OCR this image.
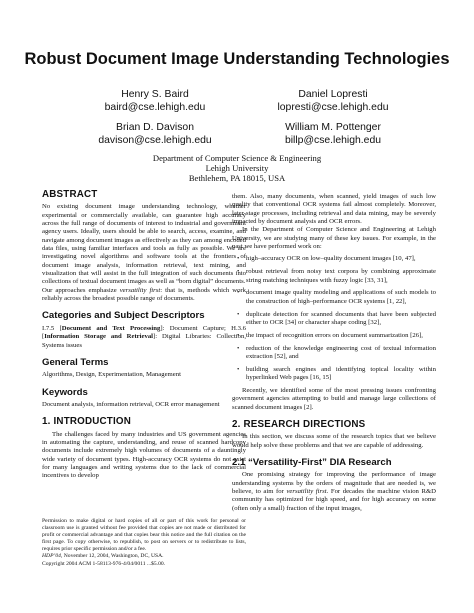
Robust Document Image Understanding Technologies
Henry S. Baird
baird@cse.lehigh.edu
Daniel Lopresti
lopresti@cse.lehigh.edu
Brian D. Davison
davison@cse.lehigh.edu
William M. Pottenger
billp@cse.lehigh.edu
Department of Computer Science & Engineering
Lehigh University
Bethlehem, PA 18015, USA
ABSTRACT

No existing document image understanding technology, whether experimental or commercially available, can guarantee high accuracy across the full range of documents of interest to industrial and government agency users. Ideally, users should be able to search, access, examine, and navigate among document images as effectively as they can among encoded data files, using familiar interfaces and tools as fully as possible. We are investigating novel algorithms and software tools at the frontiers of document image analysis, information retrieval, text mining, and visualization that will assist in the full integration of such documents into collections of textual document images as well as “born digital” documents.

Our approaches emphasize versatility first: that is, methods which work reliably across the broadest possible range of documents.

Categories and Subject Descriptors

I.7.5 [Document and Text Processing]: Document Capture; H.3.6 [Information Storage and Retrieval]: Digital Libraries: Collection, Systems issues

General Terms

Algorithms, Design, Experimentation, Management

Keywords

Document analysis, information retrieval, OCR error management

1. INTRODUCTION

The challenges faced by many industries and US government agencies in automating the capture, understanding, and reuse of scanned hardcopy documents include extremely high volumes of documents of a dauntingly wide variety of document types. High-accuracy OCR systems do not exist for many languages and writing systems due to the lack of commercial incentives to develop

Permission to make digital or hard copies of all or part of this work for personal or classroom use is granted without fee provided that copies are not made or distributed for profit or commercial advantage and that copies bear this notice and the full citation on the first page. To copy otherwise, to republish, to post on servers or to redistribute to lists, requires prior specific permission and/or a fee.
HDP’04, November 12, 2004, Washington, DC, USA.
Copyright 2004 ACM 1-58113-976-4/04/0011 ...$5.00.

them. Also, many documents, when scanned, yield images of such low quality that conventional OCR systems fail almost completely. Moreover, later-stage processes, including retrieval and data mining, may be severely impacted by document analysis and OCR errors.

In the Department of Computer Science and Engineering at Lehigh University, we are studying many of these key issues. For example, in the past we have performed work on:

• high–accuracy OCR on low–quality document images [10, 47],
• robust retrieval from noisy text corpora by combining approximate string matching techniques with fuzzy logic [33, 31],
• document image quality modeling and applications of such models to the construction of high–performance OCR systems [1, 22],
• duplicate detection for scanned documents that have been subjected either to OCR [34] or character shape coding [32],
• the impact of recognition errors on document summarization [26],
• reduction of the knowledge engineering cost of textual information extraction [52], and
• building search engines and identifying topical locality within hyperlinked Web pages [16, 15]

Recently, we identified some of the most pressing issues confronting government agencies attempting to build and manage large collections of scanned document images [2].

2. RESEARCH DIRECTIONS

In this section, we discuss some of the research topics that we believe would help solve these problems and that we are capable of addressing.

2.1 “Versatility-First” DIA Research

One promising strategy for improving the performance of image understanding systems by the orders of magnitude that are needed is, we believe, to aim for versatility first. For decades the machine vision R&D community has optimized for high speed, and for high accuracy on some (often only a small) fraction of the input images,
